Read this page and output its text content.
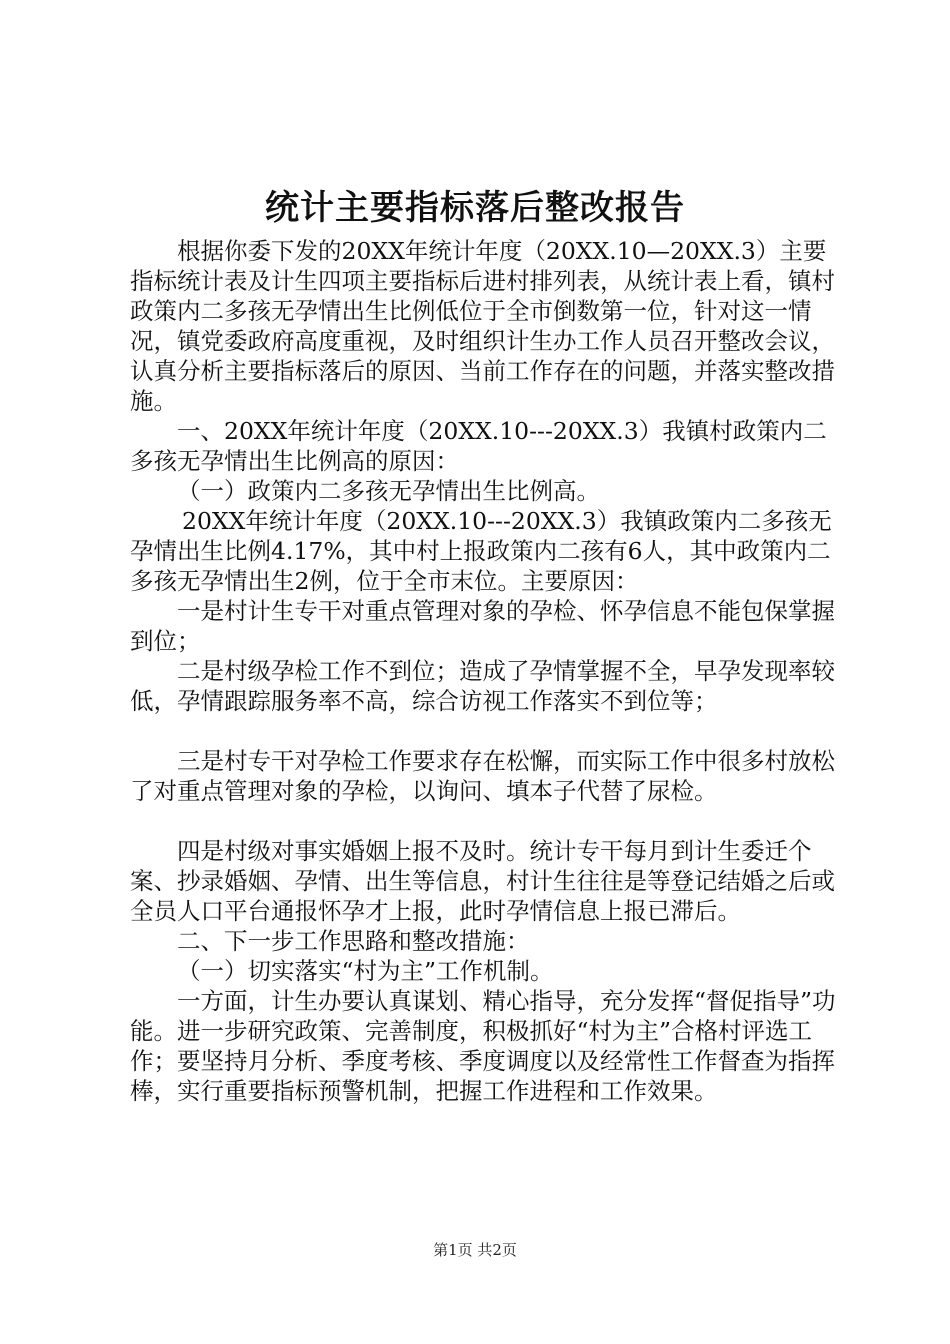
统计主要指标落后整改报告

根据你委下发的20XX年统计年度（20XX.10—20XX.3）主要指标统计表及计生四项主要指标后进村排列表，从统计表上看，镇村政策内二多孩无孕情出生比例低位于全市倒数第一位，针对这一情况，镇党委政府高度重视，及时组织计生办工作人员召开整改会议，认真分析主要指标落后的原因、当前工作存在的问题，并落实整改措施。

一、20XX年统计年度（20XX.10---20XX.3）我镇村政策内二多孩无孕情出生比例高的原因：

（一）政策内二多孩无孕情出生比例高。

20XX年统计年度（20XX.10---20XX.3）我镇政策内二多孩无孕情出生比例4.17%，其中村上报政策内二孩有6人，其中政策内二多孩无孕情出生2例，位于全市末位。主要原因：

一是村计生专干对重点管理对象的孕检、怀孕信息不能包保掌握到位；

二是村级孕检工作不到位；造成了孕情掌握不全，早孕发现率较低，孕情跟踪服务率不高，综合访视工作落实不到位等；

三是村专干对孕检工作要求存在松懈，而实际工作中很多村放松了对重点管理对象的孕检，以询问、填本子代替了尿检。

四是村级对事实婚姻上报不及时。统计专干每月到计生委迁个案、抄录婚姻、孕情、出生等信息，村计生往往是等登记结婚之后或全员人口平台通报怀孕才上报，此时孕情信息上报已滞后。

二、下一步工作思路和整改措施：

（一）切实落实“村为主”工作机制。

一方面，计生办要认真谋划、精心指导，充分发挥“督促指导”功能。进一步研究政策、完善制度，积极抓好“村为主”合格村评选工作；要坚持月分析、季度考核、季度调度以及经常性工作督查为指挥棒，实行重要指标预警机制，把握工作进程和工作效果。

第1页 共2页
